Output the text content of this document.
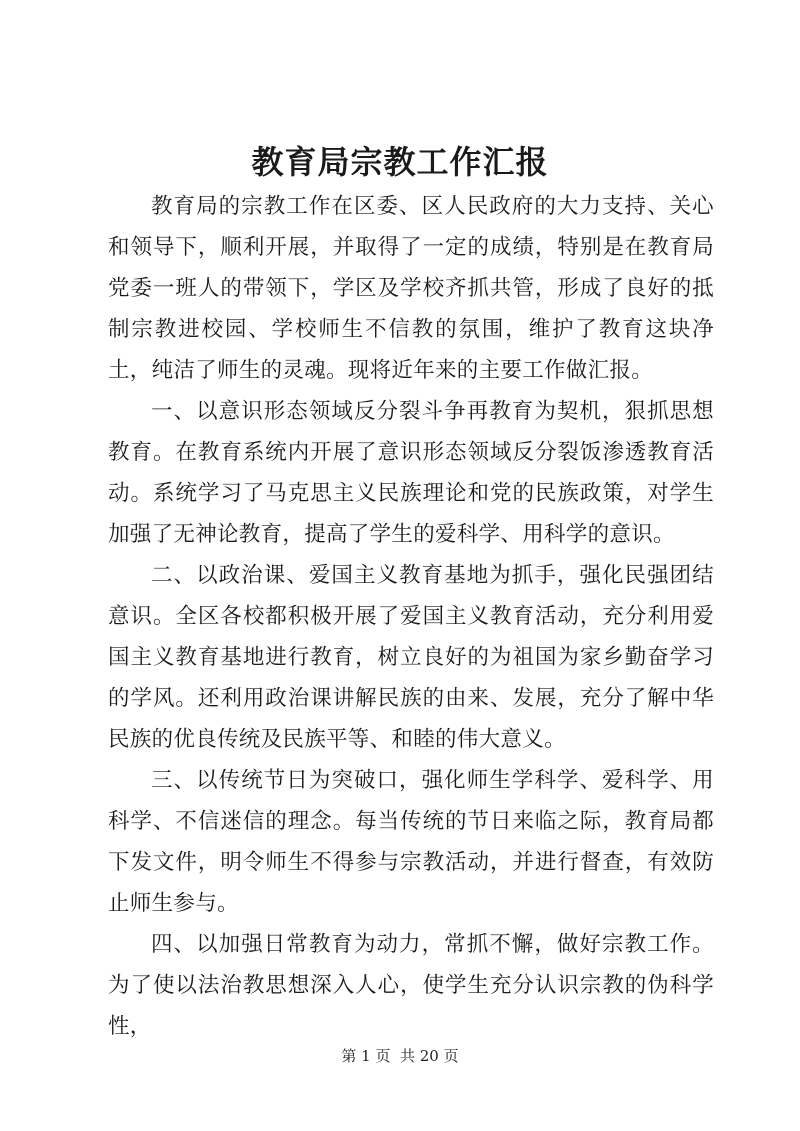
教育局宗教工作汇报

教育局的宗教工作在区委、区人民政府的大力支持、关心和领导下，顺利开展，并取得了一定的成绩，特别是在教育局党委一班人的带领下，学区及学校齐抓共管，形成了良好的抵制宗教进校园、学校师生不信教的氛围，维护了教育这块净土，纯洁了师生的灵魂。现将近年来的主要工作做汇报。

一、以意识形态领域反分裂斗争再教育为契机，狠抓思想教育。在教育系统内开展了意识形态领域反分裂饭渗透教育活动。系统学习了马克思主义民族理论和党的民族政策，对学生加强了无神论教育，提高了学生的爱科学、用科学的意识。

二、以政治课、爱国主义教育基地为抓手，强化民强团结意识。全区各校都积极开展了爱国主义教育活动，充分利用爱国主义教育基地进行教育，树立良好的为祖国为家乡勤奋学习的学风。还利用政治课讲解民族的由来、发展，充分了解中华民族的优良传统及民族平等、和睦的伟大意义。

三、以传统节日为突破口，强化师生学科学、爱科学、用科学、不信迷信的理念。每当传统的节日来临之际，教育局都下发文件，明令师生不得参与宗教活动，并进行督查，有效防止师生参与。

四、以加强日常教育为动力，常抓不懈，做好宗教工作。为了使以法治教思想深入人心，使学生充分认识宗教的伪科学性，

第 1 页  共 20 页
